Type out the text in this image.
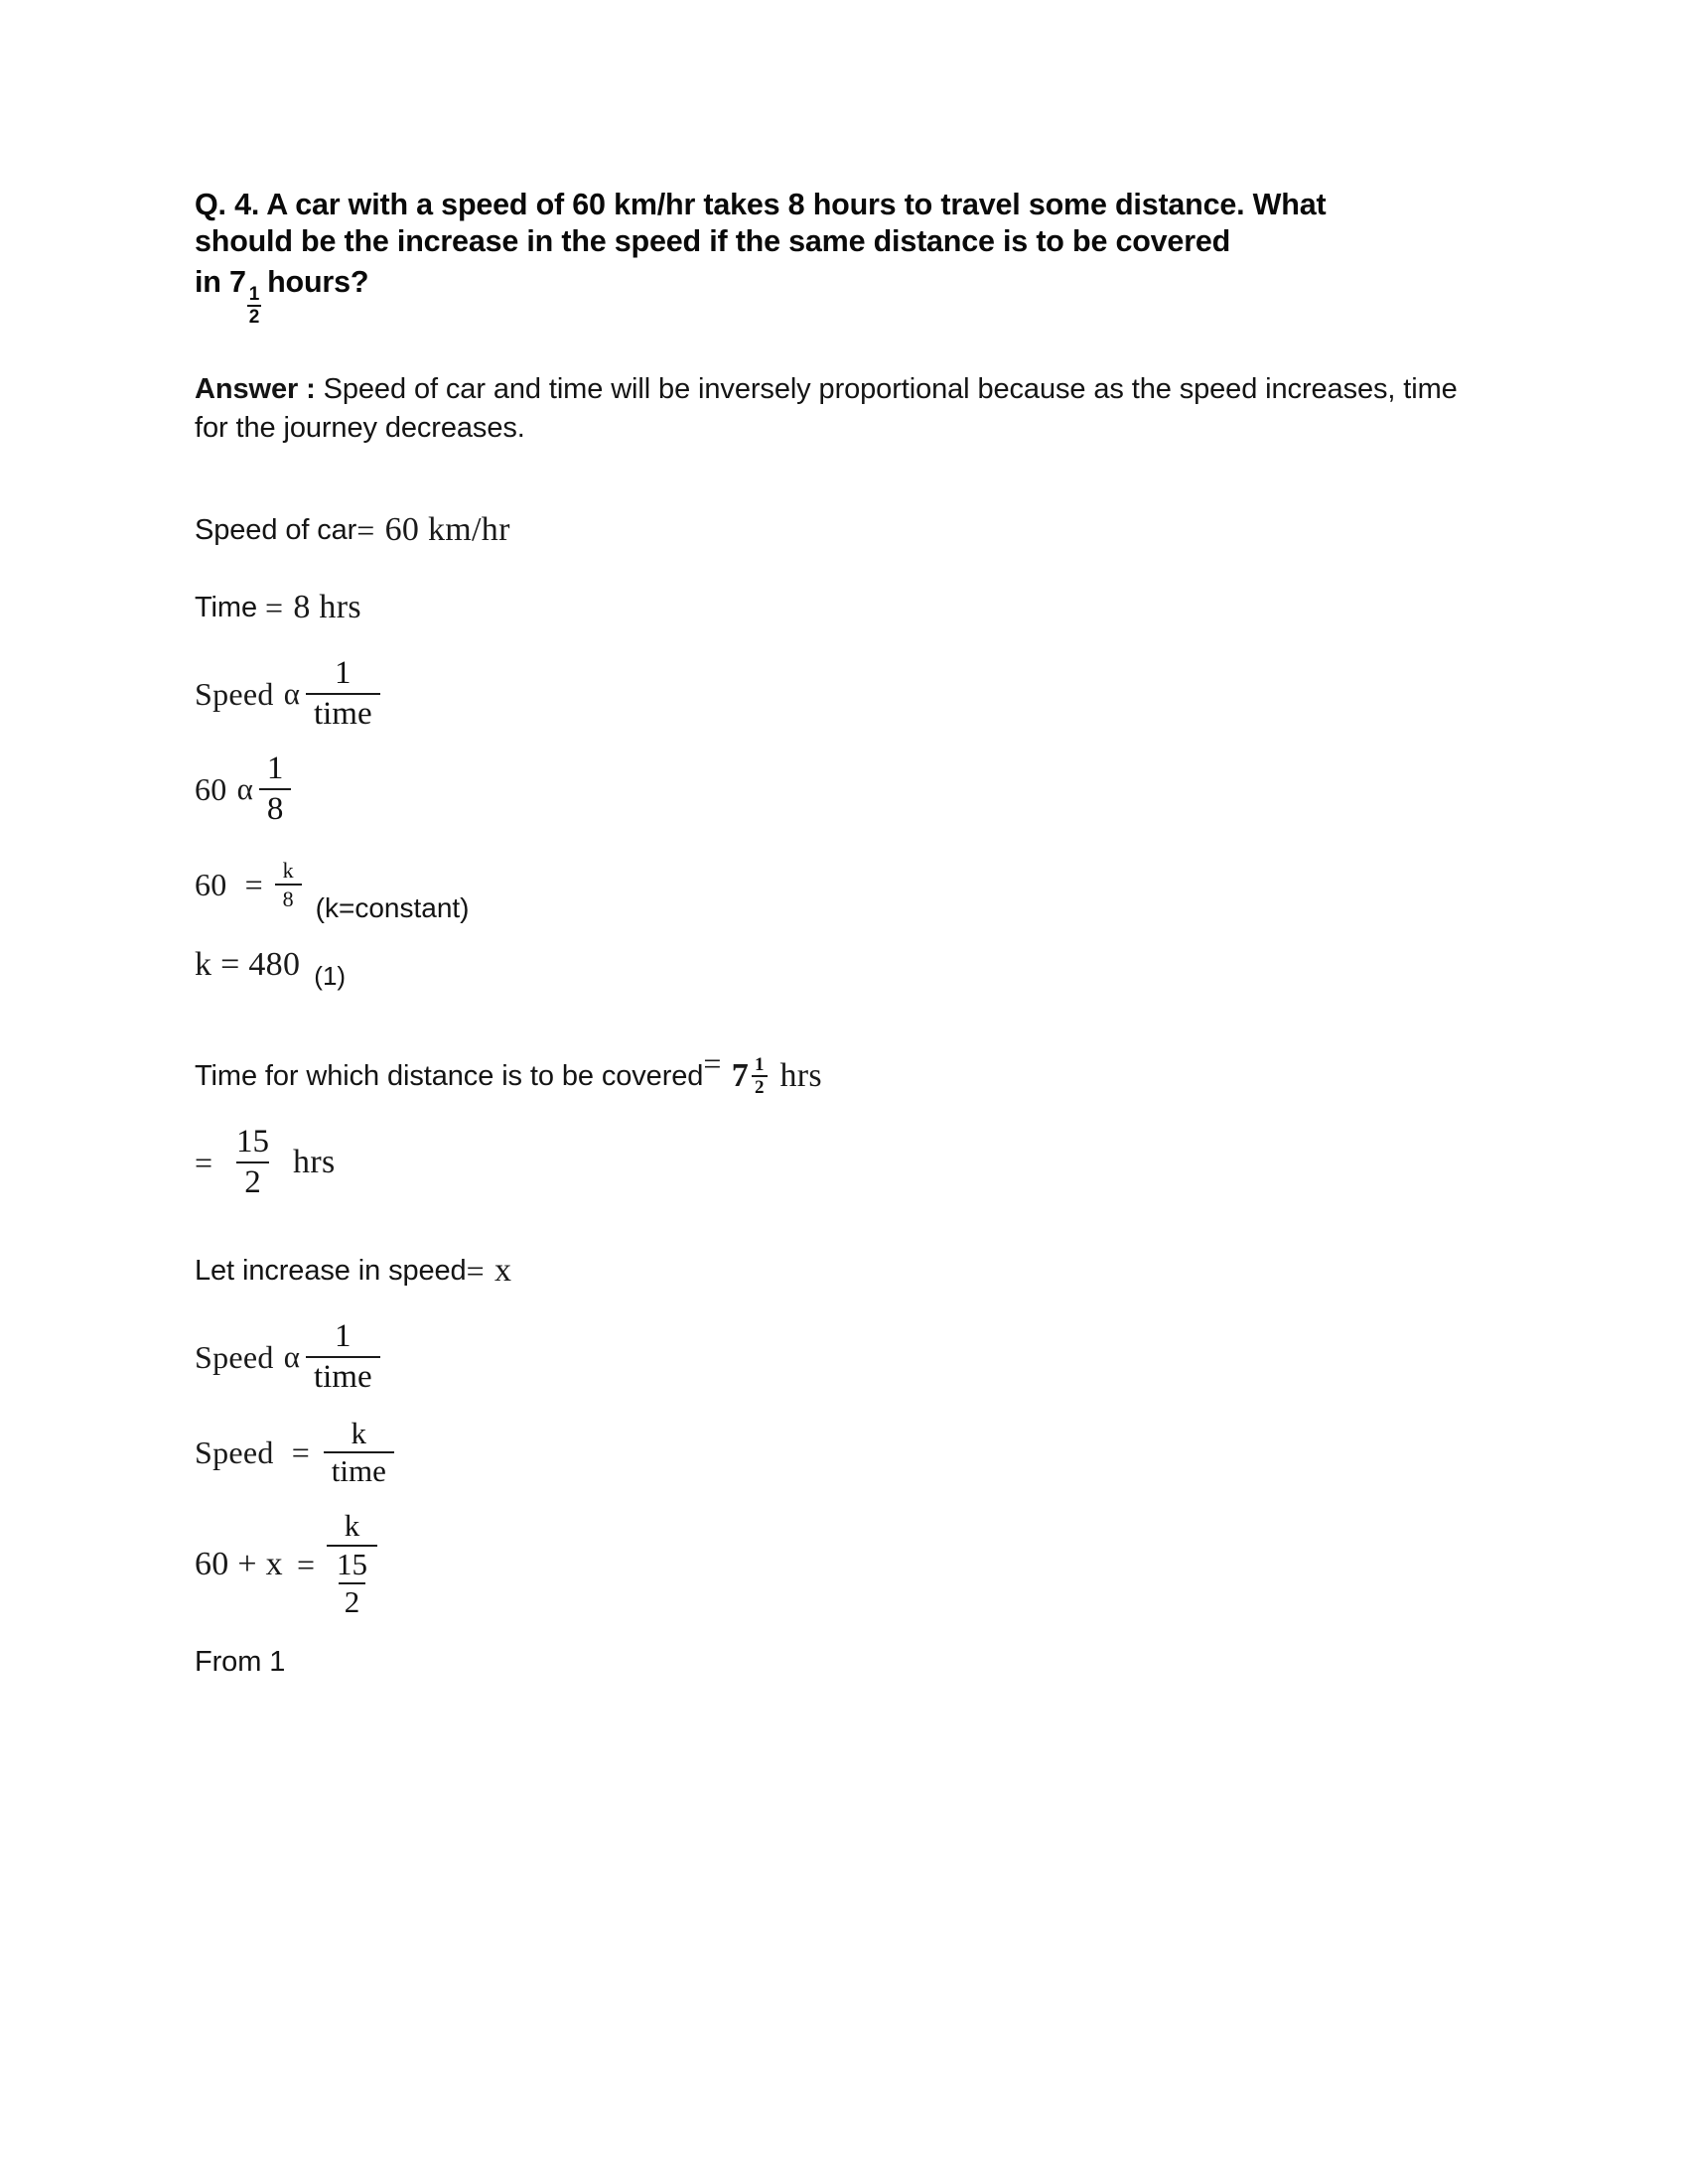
Q. 4. A car with a speed of 60 km/hr takes 8 hours to travel some distance. What
should be the increase in the speed if the same distance is to be covered
in 7
$\frac{1}{2}$
hours?

Answer : Speed of car and time will be inversely proportional because as the speed increases, time for the journey decreases.

Speed of car = 60 km/hr
Time = 8 hrs
Speed α $\frac{1}{\text{time}}$
60 α $\frac{1}{8}$
$60 = \frac{k}{8}$ (k=constant)
k = 480 (1)
Time for which distance is to be covered = $7 \frac{1}{2}$ hrs
= $\frac{15}{2}$ hrs
Let increase in speed = x
Speed α $\frac{1}{\text{time}}$
Speed = $\frac{k}{\text{time}}$
$60 + x = \frac{k}{\frac{15}{2}}$
From 1
